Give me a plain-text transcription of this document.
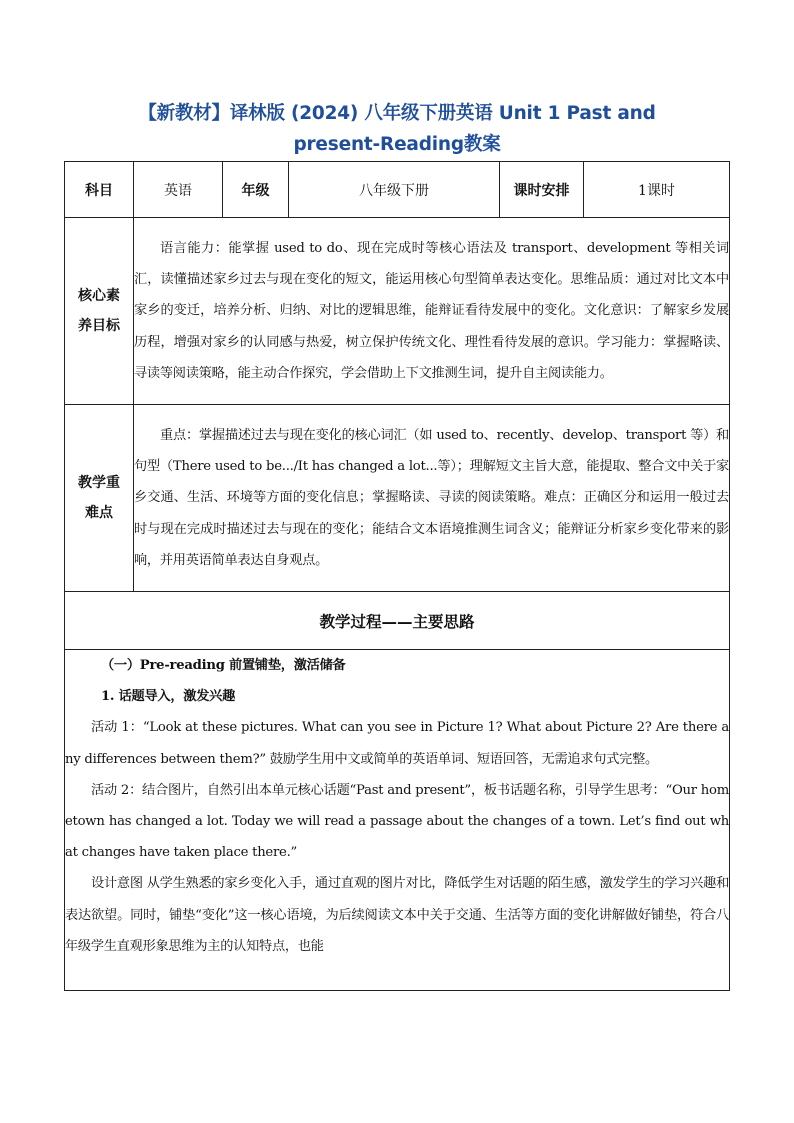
【新教材】译林版 (2024) 八年级下册英语 Unit 1 Past and
present-Reading教案
科目	英语	年级	八年级下册	课时安排	1课时

核心素
养目标	语言能力：能掌握 used to do、现在完成时等核心语法及 transport、development 等相关词汇，读懂描述家乡过去与现在变化的短文，能运用核心句型简单表达变化。思维品质：通过对比文本中家乡的变迁，培养分析、归纳、对比的逻辑思维，能辩证看待发展中的变化。文化意识：了解家乡发展历程，增强对家乡的认同感与热爱，树立保护传统文化、理性看待发展的意识。学习能力：掌握略读、寻读等阅读策略，能主动合作探究，学会借助上下文推测生词，提升自主阅读能力。				

教学重
难点	重点：掌握描述过去与现在变化的核心词汇（如 used to、recently、develop、transport 等）和句型（There used to be.../It has changed a lot...等）；理解短文主旨大意，能提取、整合文中关于家乡交通、生活、环境等方面的变化信息；掌握略读、寻读的阅读策略。难点：正确区分和运用一般过去时与现在完成时描述过去与现在的变化；能结合文本语境推测生词含义；能辩证分析家乡变化带来的影响，并用英语简单表达自身观点。				
教学过程——主要思路					

（一）Pre-reading 前置铺垫，激活储备

1. 话题导入，激发兴趣

活动 1：“Look at these pictures. What can you see in Picture 1? What about Picture 2? Are there any differences between them?” 鼓励学生用中文或简单的英语单词、短语回答，无需追求句式完整。

活动 2：结合图片，自然引出本单元核心话题“Past and present”，板书话题名称，引导学生思考：“Our hometown has changed a lot. Today we will read a passage about the changes of a town. Let’s find out what changes have taken place there.”

设计意图 从学生熟悉的家乡变化入手，通过直观的图片对比，降低学生对话题的陌生感，激发学生的学习兴趣和表达欲望。同时，铺垫“变化”这一核心语境，为后续阅读文本中关于交通、生活等方面的变化讲解做好铺垫，符合八年级学生直观形象思维为主的认知特点，也能					
